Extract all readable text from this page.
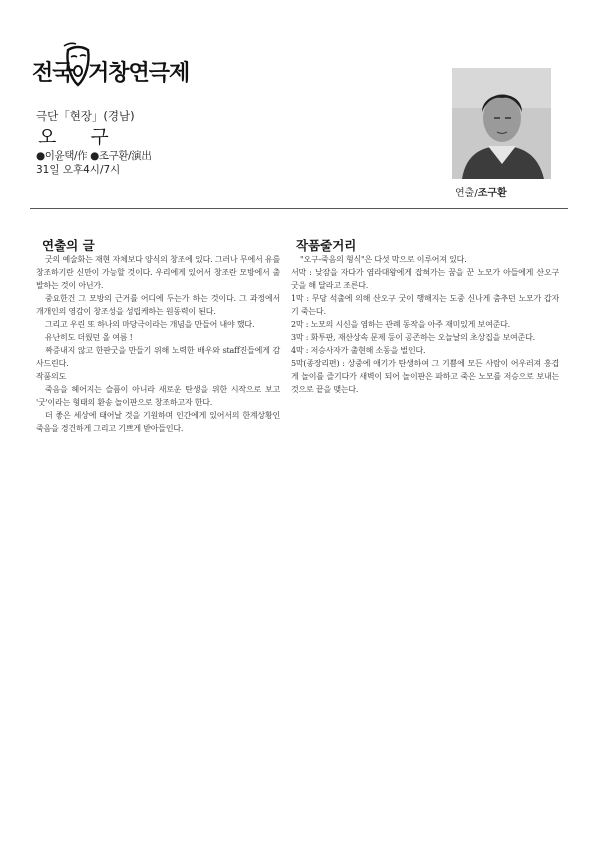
전국 거창연극제
극단「현장」(경남)
오 구
●이윤택/作 ●조구환/演出
31일 오후4시/7시
연출/조구환
연출의 글

굿의 예술화는 재현 자체보다 양식의 창조에 있다. 그러나 무에서 유를 창조하기란 신만이 가능할 것이다. 우리에게 있어서 창조란 모방에서 출발하는 것이 아닌가.

중요한건 그 모방의 근거를 어디에 두는가 하는 것이다. 그 과정에서 개개인의 영감이 창조성을 성립케하는 원동력이 된다.

그리고 우린 또 하나의 마당극이라는 개념을 만들어 내야 했다.

유난히도 더웠던 올 여름 !

짜증내지 않고 한판굿을 만들기 위해 노력한 배우와 staff진들에게 감사드린다.

작품의도

죽음을 헤어지는 슬픔이 아니라 새로운 탄생을 위한 시작으로 보고 '굿'이라는 형태의 환송 놀이판으로 창조하고자 한다.

더 좋은 세상에 태어날 것을 기원하며 인간에게 있어서의 한계상황인 죽음을 경건하게 그리고 기쁘게 받아들인다.

작품줄거리

"오구-죽음의 형식"은 다섯 막으로 이루어져 있다.

서막 : 낮잠을 자다가 염라대왕에게 잡혀가는 꿈을 꾼 노모가 아들에게 산오구 굿을 해 달라고 조른다.

1막 : 무당 석출에 의해 산오구 굿이 행해지는 도중 신나게 춤추던 노모가 갑자기 죽는다.

2막 : 노모의 시신을 염하는 관례 동작을 아주 재미있게 보여준다.

3막 : 화투판, 재산상속 문제 등이 공존하는 오늘날의 초상집을 보여준다.

4막 : 저승사자가 출현해 소동을 벌인다.

5막(종장리편) : 상중에 애기가 탄생하여 그 기쁨에 모든 사람이 어우러져 흥겹게 놀이를 즐기다가 새벽이 되어 놀이판은 파하고 죽은 노모를 저승으로 보내는 것으로 끝을 맺는다.
